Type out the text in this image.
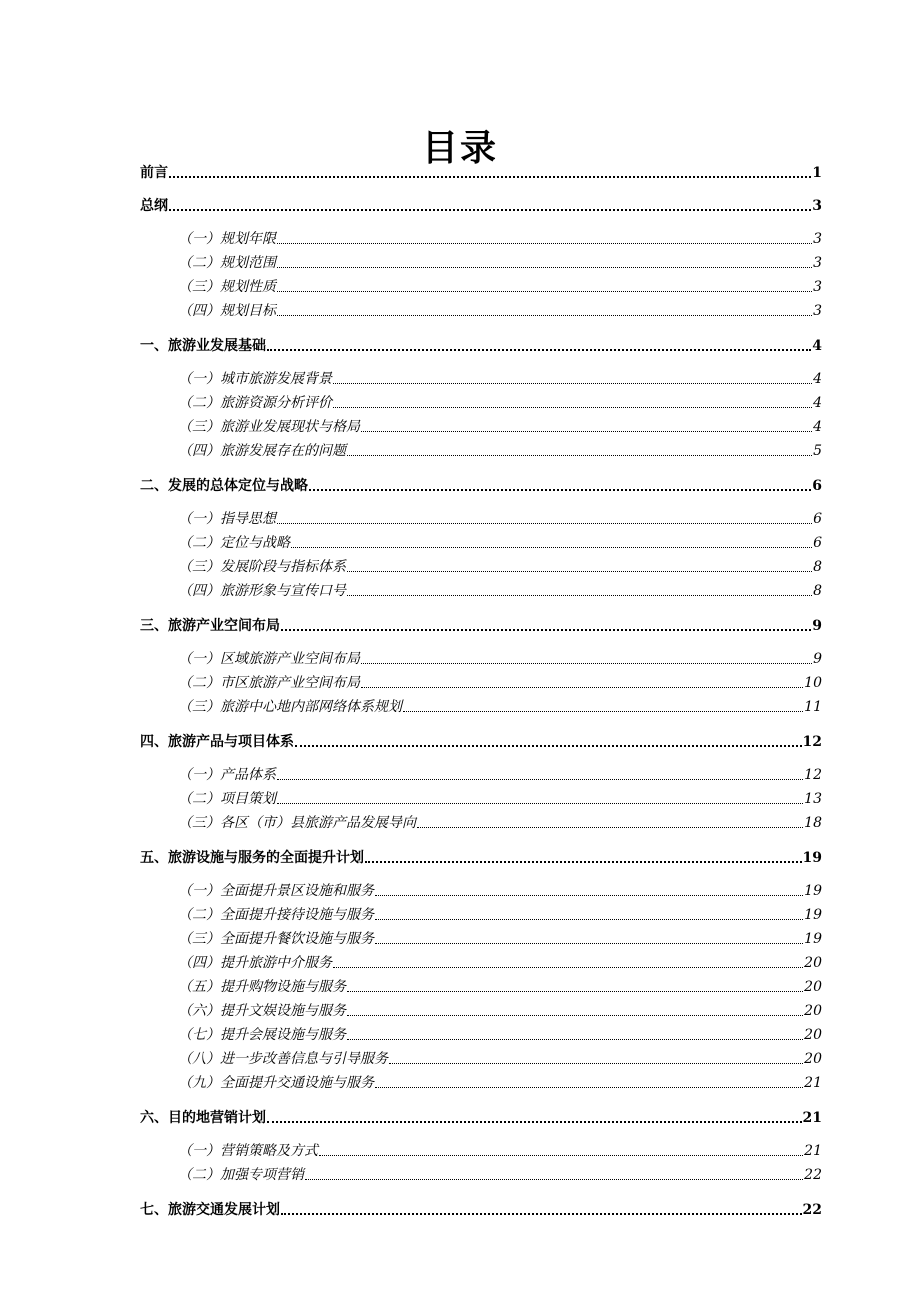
目录
前言	1
总纲	3
（一）规划年限	3
（二）规划范围	3
（三）规划性质	3
（四）规划目标	3
一、旅游业发展基础	4
（一）城市旅游发展背景	4
（二）旅游资源分析评价	4
（三）旅游业发展现状与格局	4
（四）旅游发展存在的问题	5
二、发展的总体定位与战略	6
（一）指导思想	6
（二）定位与战略	6
（三）发展阶段与指标体系	8
（四）旅游形象与宣传口号	8
三、旅游产业空间布局	9
（一）区域旅游产业空间布局	9
（二）市区旅游产业空间布局	10
（三）旅游中心地内部网络体系规划	11
四、旅游产品与项目体系	12
（一）产品体系	12
（二）项目策划	13
（三）各区（市）县旅游产品发展导向	18
五、旅游设施与服务的全面提升计划	19
（一）全面提升景区设施和服务	19
（二）全面提升接待设施与服务	19
（三）全面提升餐饮设施与服务	19
（四）提升旅游中介服务	20
（五）提升购物设施与服务	20
（六）提升文娱设施与服务	20
（七）提升会展设施与服务	20
（八）进一步改善信息与引导服务	20
（九）全面提升交通设施与服务	21
六、目的地营销计划	21
（一）营销策略及方式	21
（二）加强专项营销	22
七、旅游交通发展计划	22
